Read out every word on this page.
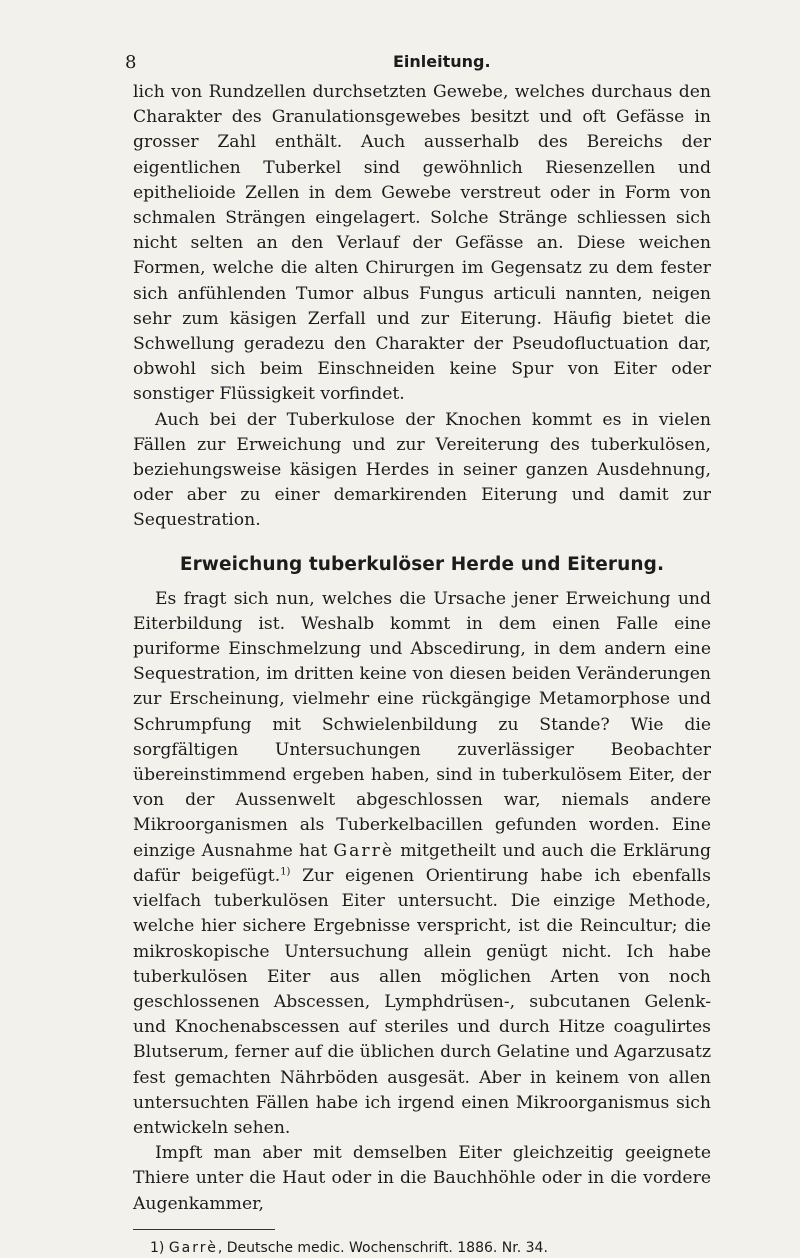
8	Einleitung.

lich von Rundzellen durchsetzten Gewebe, welches durchaus den Charakter des Granulationsgewebes besitzt und oft Gefässe in grosser Zahl enthält. Auch ausserhalb des Bereichs der eigentlichen Tuberkel sind gewöhnlich Riesenzellen und epithelioide Zellen in dem Gewebe verstreut oder in Form von schmalen Strängen eingelagert. Solche Stränge schliessen sich nicht selten an den Verlauf der Gefässe an. Diese weichen Formen, welche die alten Chirurgen im Gegensatz zu dem fester sich anfühlenden Tumor albus Fungus articuli nannten, neigen sehr zum käsigen Zerfall und zur Eiterung. Häufig bietet die Schwellung geradezu den Charakter der Pseudofluctuation dar, obwohl sich beim Einschneiden keine Spur von Eiter oder sonstiger Flüssigkeit vorfindet.

Auch bei der Tuberkulose der Knochen kommt es in vielen Fällen zur Erweichung und zur Vereiterung des tuberkulösen, beziehungsweise käsigen Herdes in seiner ganzen Ausdehnung, oder aber zu einer demarkirenden Eiterung und damit zur Sequestration.

Erweichung tuberkulöser Herde und Eiterung.

Es fragt sich nun, welches die Ursache jener Erweichung und Eiterbildung ist. Weshalb kommt in dem einen Falle eine puriforme Einschmelzung und Abscedirung, in dem andern eine Sequestration, im dritten keine von diesen beiden Veränderungen zur Erscheinung, vielmehr eine rückgängige Metamorphose und Schrumpfung mit Schwielenbildung zu Stande? Wie die sorgfältigen Untersuchungen zuverlässiger Beobachter übereinstimmend ergeben haben, sind in tuberkulösem Eiter, der von der Aussenwelt abgeschlossen war, niemals andere Mikroorganismen als Tuberkelbacillen gefunden worden. Eine einzige Ausnahme hat Garrè mitgetheilt und auch die Erklärung dafür beigefügt.$^{1)}$ Zur eigenen Orientirung habe ich ebenfalls vielfach tuberkulösen Eiter untersucht. Die einzige Methode, welche hier sichere Ergebnisse verspricht, ist die Reincultur; die mikroskopische Untersuchung allein genügt nicht. Ich habe tuberkulösen Eiter aus allen möglichen Arten von noch geschlossenen Abscessen, Lymphdrüsen-, subcutanen Gelenk- und Knochenabscessen auf steriles und durch Hitze coagulirtes Blutserum, ferner auf die üblichen durch Gelatine und Agarzusatz fest gemachten Nährböden ausgesät. Aber in keinem von allen untersuchten Fällen habe ich irgend einen Mikroorganismus sich entwickeln sehen.

Impft man aber mit demselben Eiter gleichzeitig geeignete Thiere unter die Haut oder in die Bauchhöhle oder in die vordere Augenkammer,

1) Garrè, Deutsche medic. Wochenschrift. 1886. Nr. 34.
